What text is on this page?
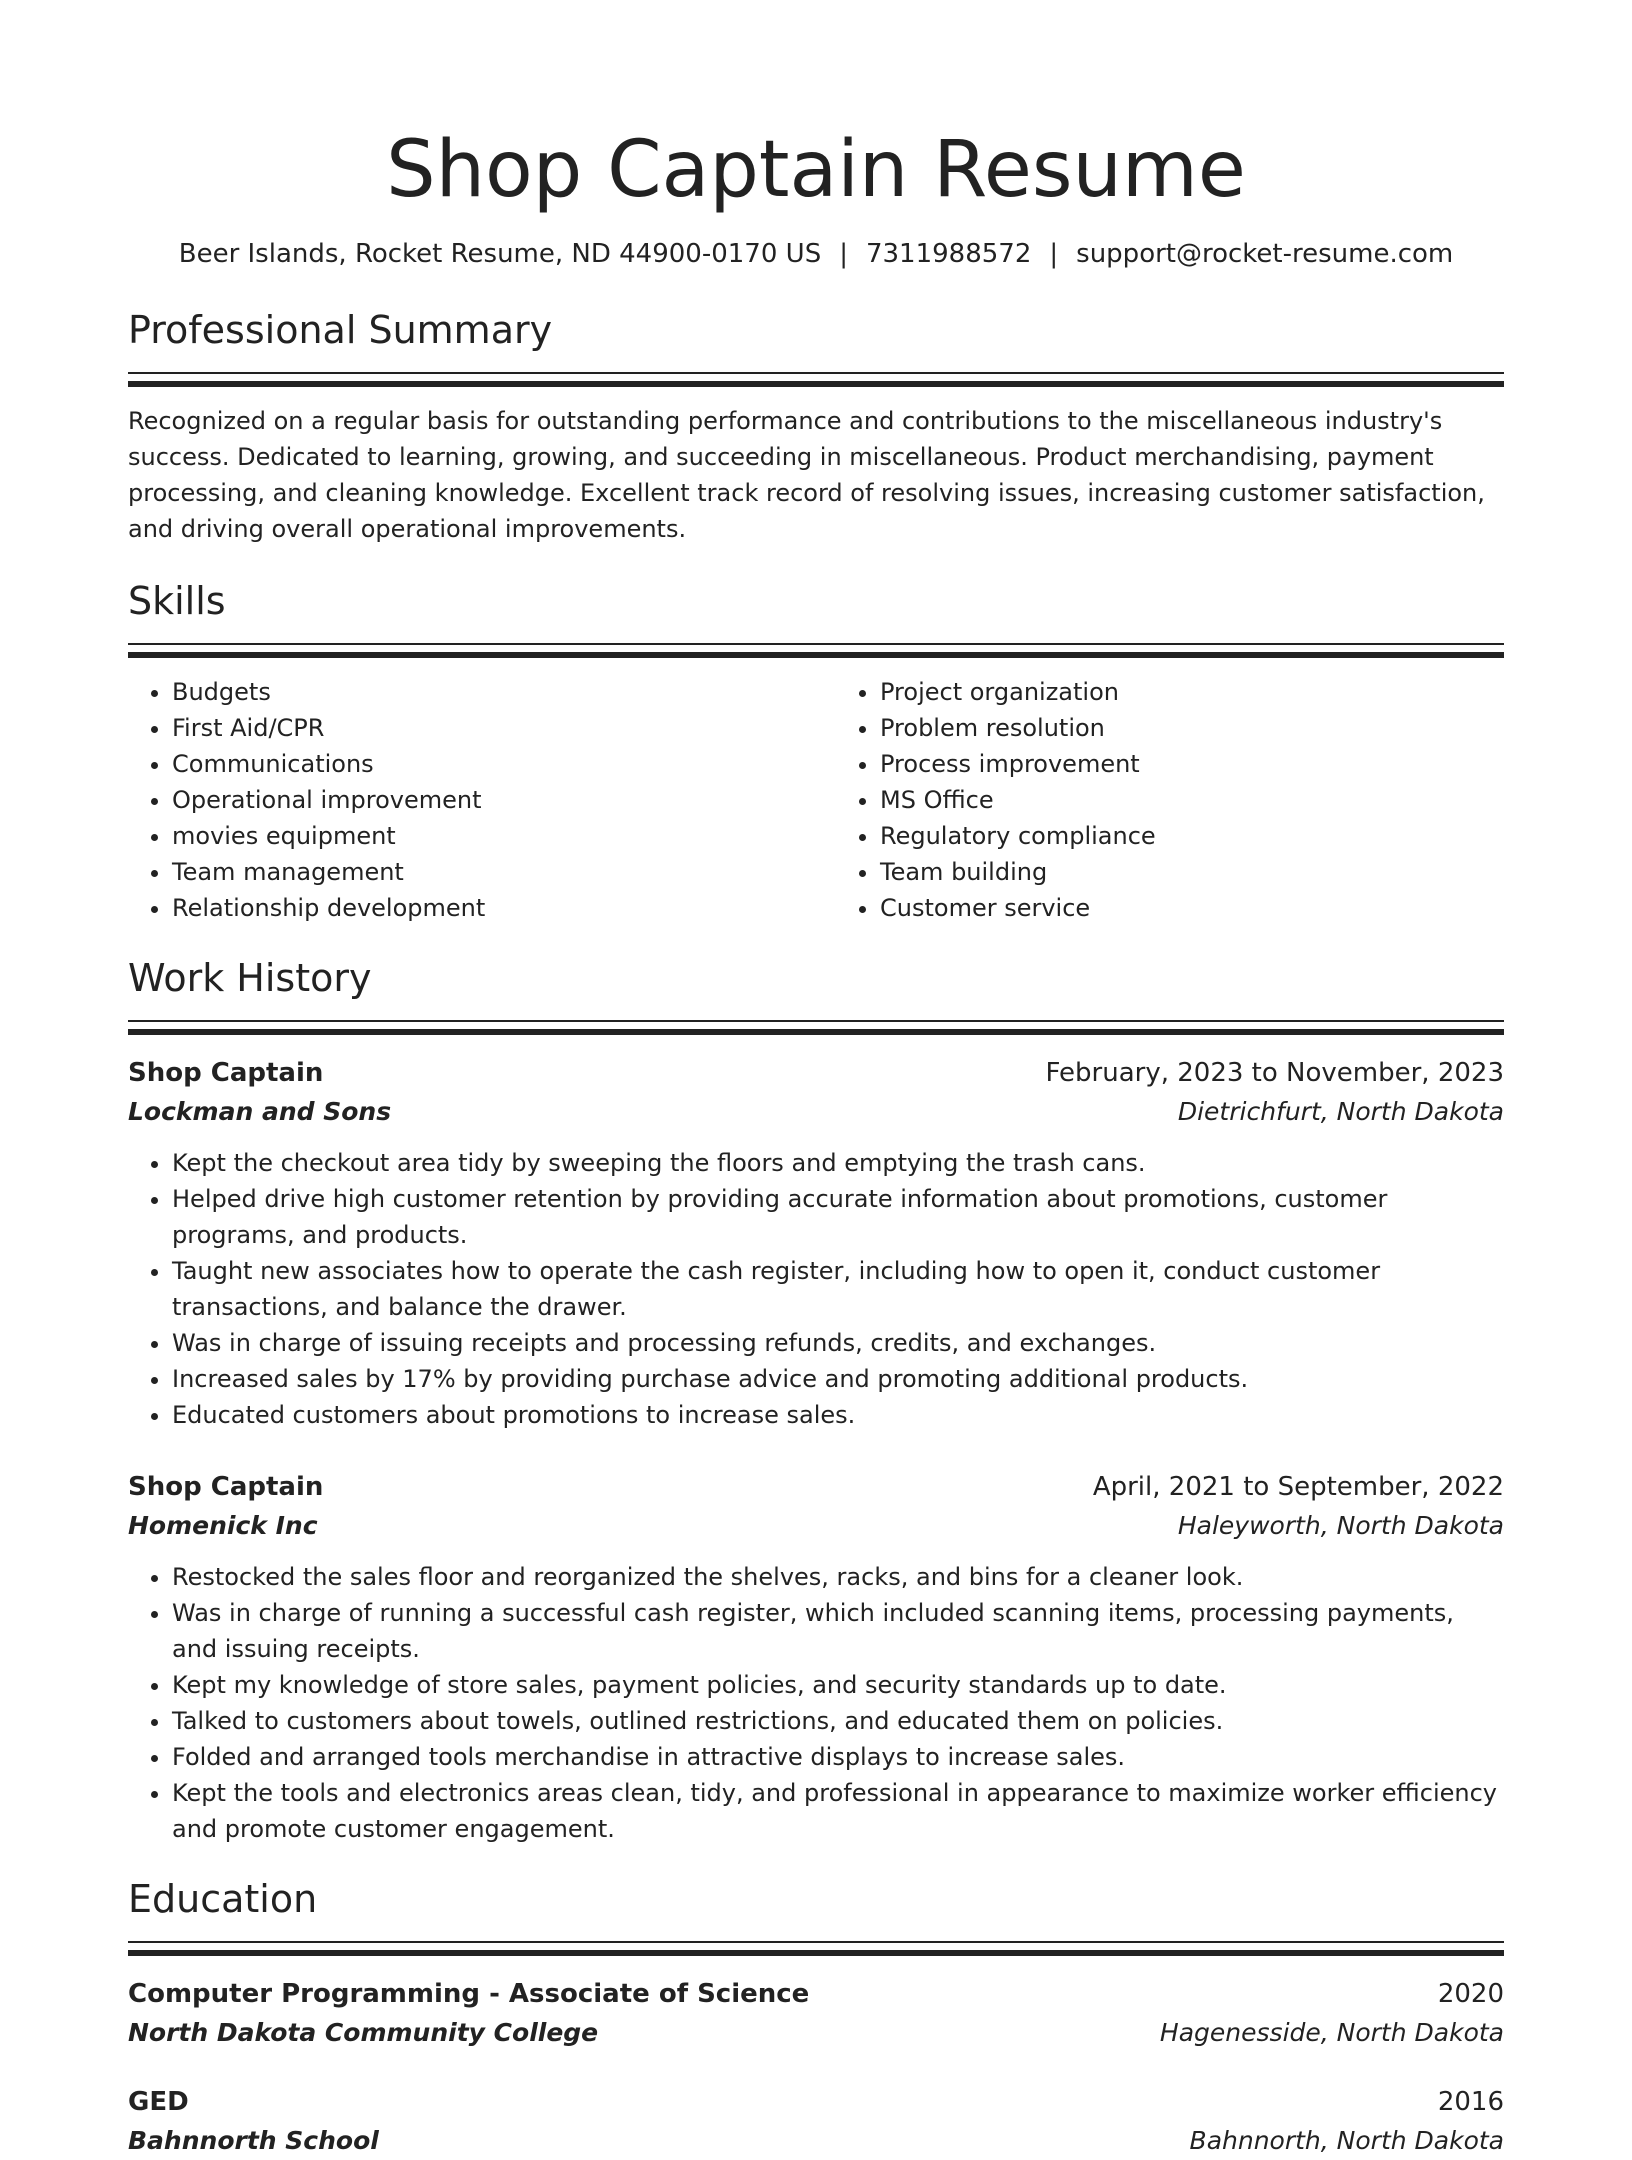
Shop Captain Resume
Beer Islands, Rocket Resume, ND 44900-0170 US | 7311988572 | support@rocket-resume.com
Professional Summary
Recognized on a regular basis for outstanding performance and contributions to the miscellaneous industry's success. Dedicated to learning, growing, and succeeding in miscellaneous. Product merchandising, payment processing, and cleaning knowledge. Excellent track record of resolving issues, increasing customer satisfaction, and driving overall operational improvements.
Skills
• Budgets
• First Aid/CPR
• Communications
• Operational improvement
• movies equipment
• Team management
• Relationship development
• Project organization
• Problem resolution
• Process improvement
• MS Office
• Regulatory compliance
• Team building
• Customer service
Work History
Shop Captain	February, 2023 to November, 2023
Lockman and Sons	Dietrichfurt, North Dakota
• Kept the checkout area tidy by sweeping the floors and emptying the trash cans.
• Helped drive high customer retention by providing accurate information about promotions, customer programs, and products.
• Taught new associates how to operate the cash register, including how to open it, conduct customer transactions, and balance the drawer.
• Was in charge of issuing receipts and processing refunds, credits, and exchanges.
• Increased sales by 17% by providing purchase advice and promoting additional products.
• Educated customers about promotions to increase sales.
Shop Captain	April, 2021 to September, 2022
Homenick Inc	Haleyworth, North Dakota
• Restocked the sales floor and reorganized the shelves, racks, and bins for a cleaner look.
• Was in charge of running a successful cash register, which included scanning items, processing payments, and issuing receipts.
• Kept my knowledge of store sales, payment policies, and security standards up to date.
• Talked to customers about towels, outlined restrictions, and educated them on policies.
• Folded and arranged tools merchandise in attractive displays to increase sales.
• Kept the tools and electronics areas clean, tidy, and professional in appearance to maximize worker efficiency and promote customer engagement.
Education
Computer Programming - Associate of Science	2020
North Dakota Community College	Hagenesside, North Dakota
GED	2016
Bahnnorth School	Bahnnorth, North Dakota
